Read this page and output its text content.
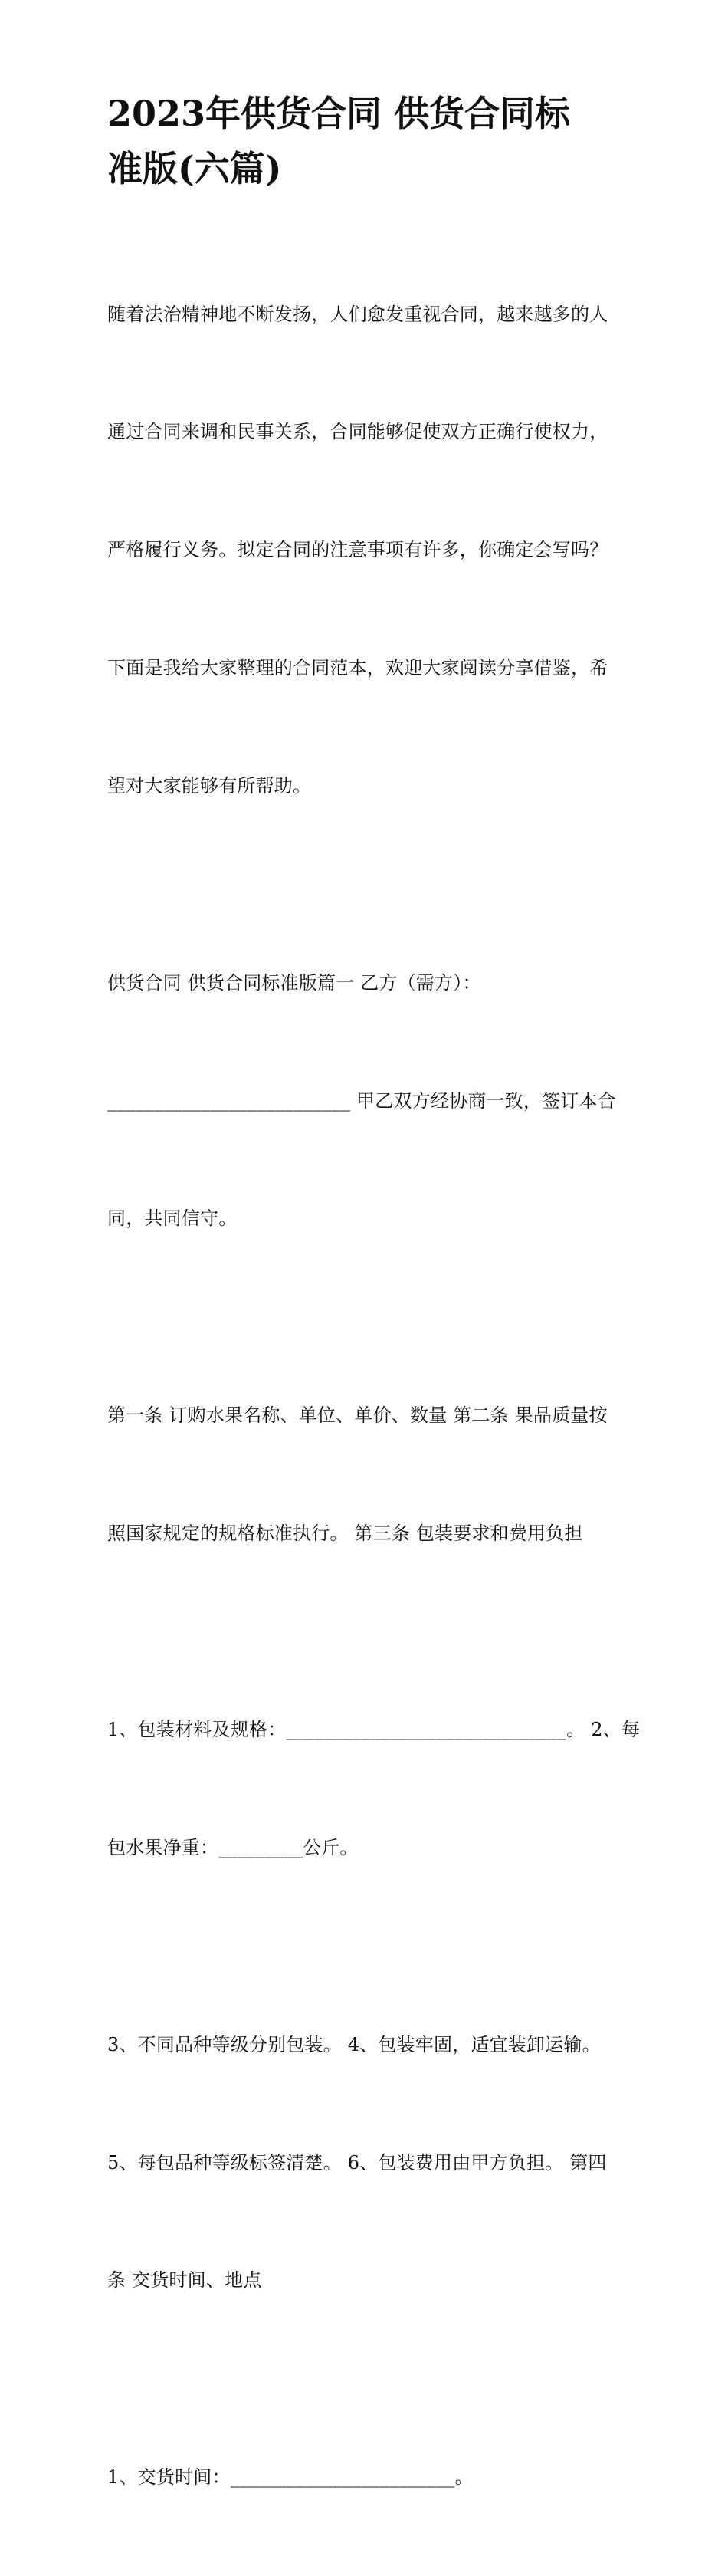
2023年供货合同 供货合同标
准版(六篇)

随着法治精神地不断发扬，人们愈发重视合同，越来越多的人

通过合同来调和民事关系，合同能够促使双方正确行使权力，

严格履行义务。拟定合同的注意事项有许多，你确定会写吗？

下面是我给大家整理的合同范本，欢迎大家阅读分享借鉴，希

望对大家能够有所帮助。

供货合同 供货合同标准版篇一 乙方（需方）：

__________________________ 甲乙双方经协商一致，签订本合

同，共同信守。

第一条 订购水果名称、单位、单价、数量 第二条 果品质量按

照国家规定的规格标准执行。 第三条 包装要求和费用负担

1、包装材料及规格：______________________________。 2、每

包水果净重：_________公斤。

3、不同品种等级分别包装。 4、包装牢固，适宜装卸运输。

5、每包品种等级标签清楚。 6、包装费用由甲方负担。 第四

条 交货时间、地点

1、交货时间：________________________。
